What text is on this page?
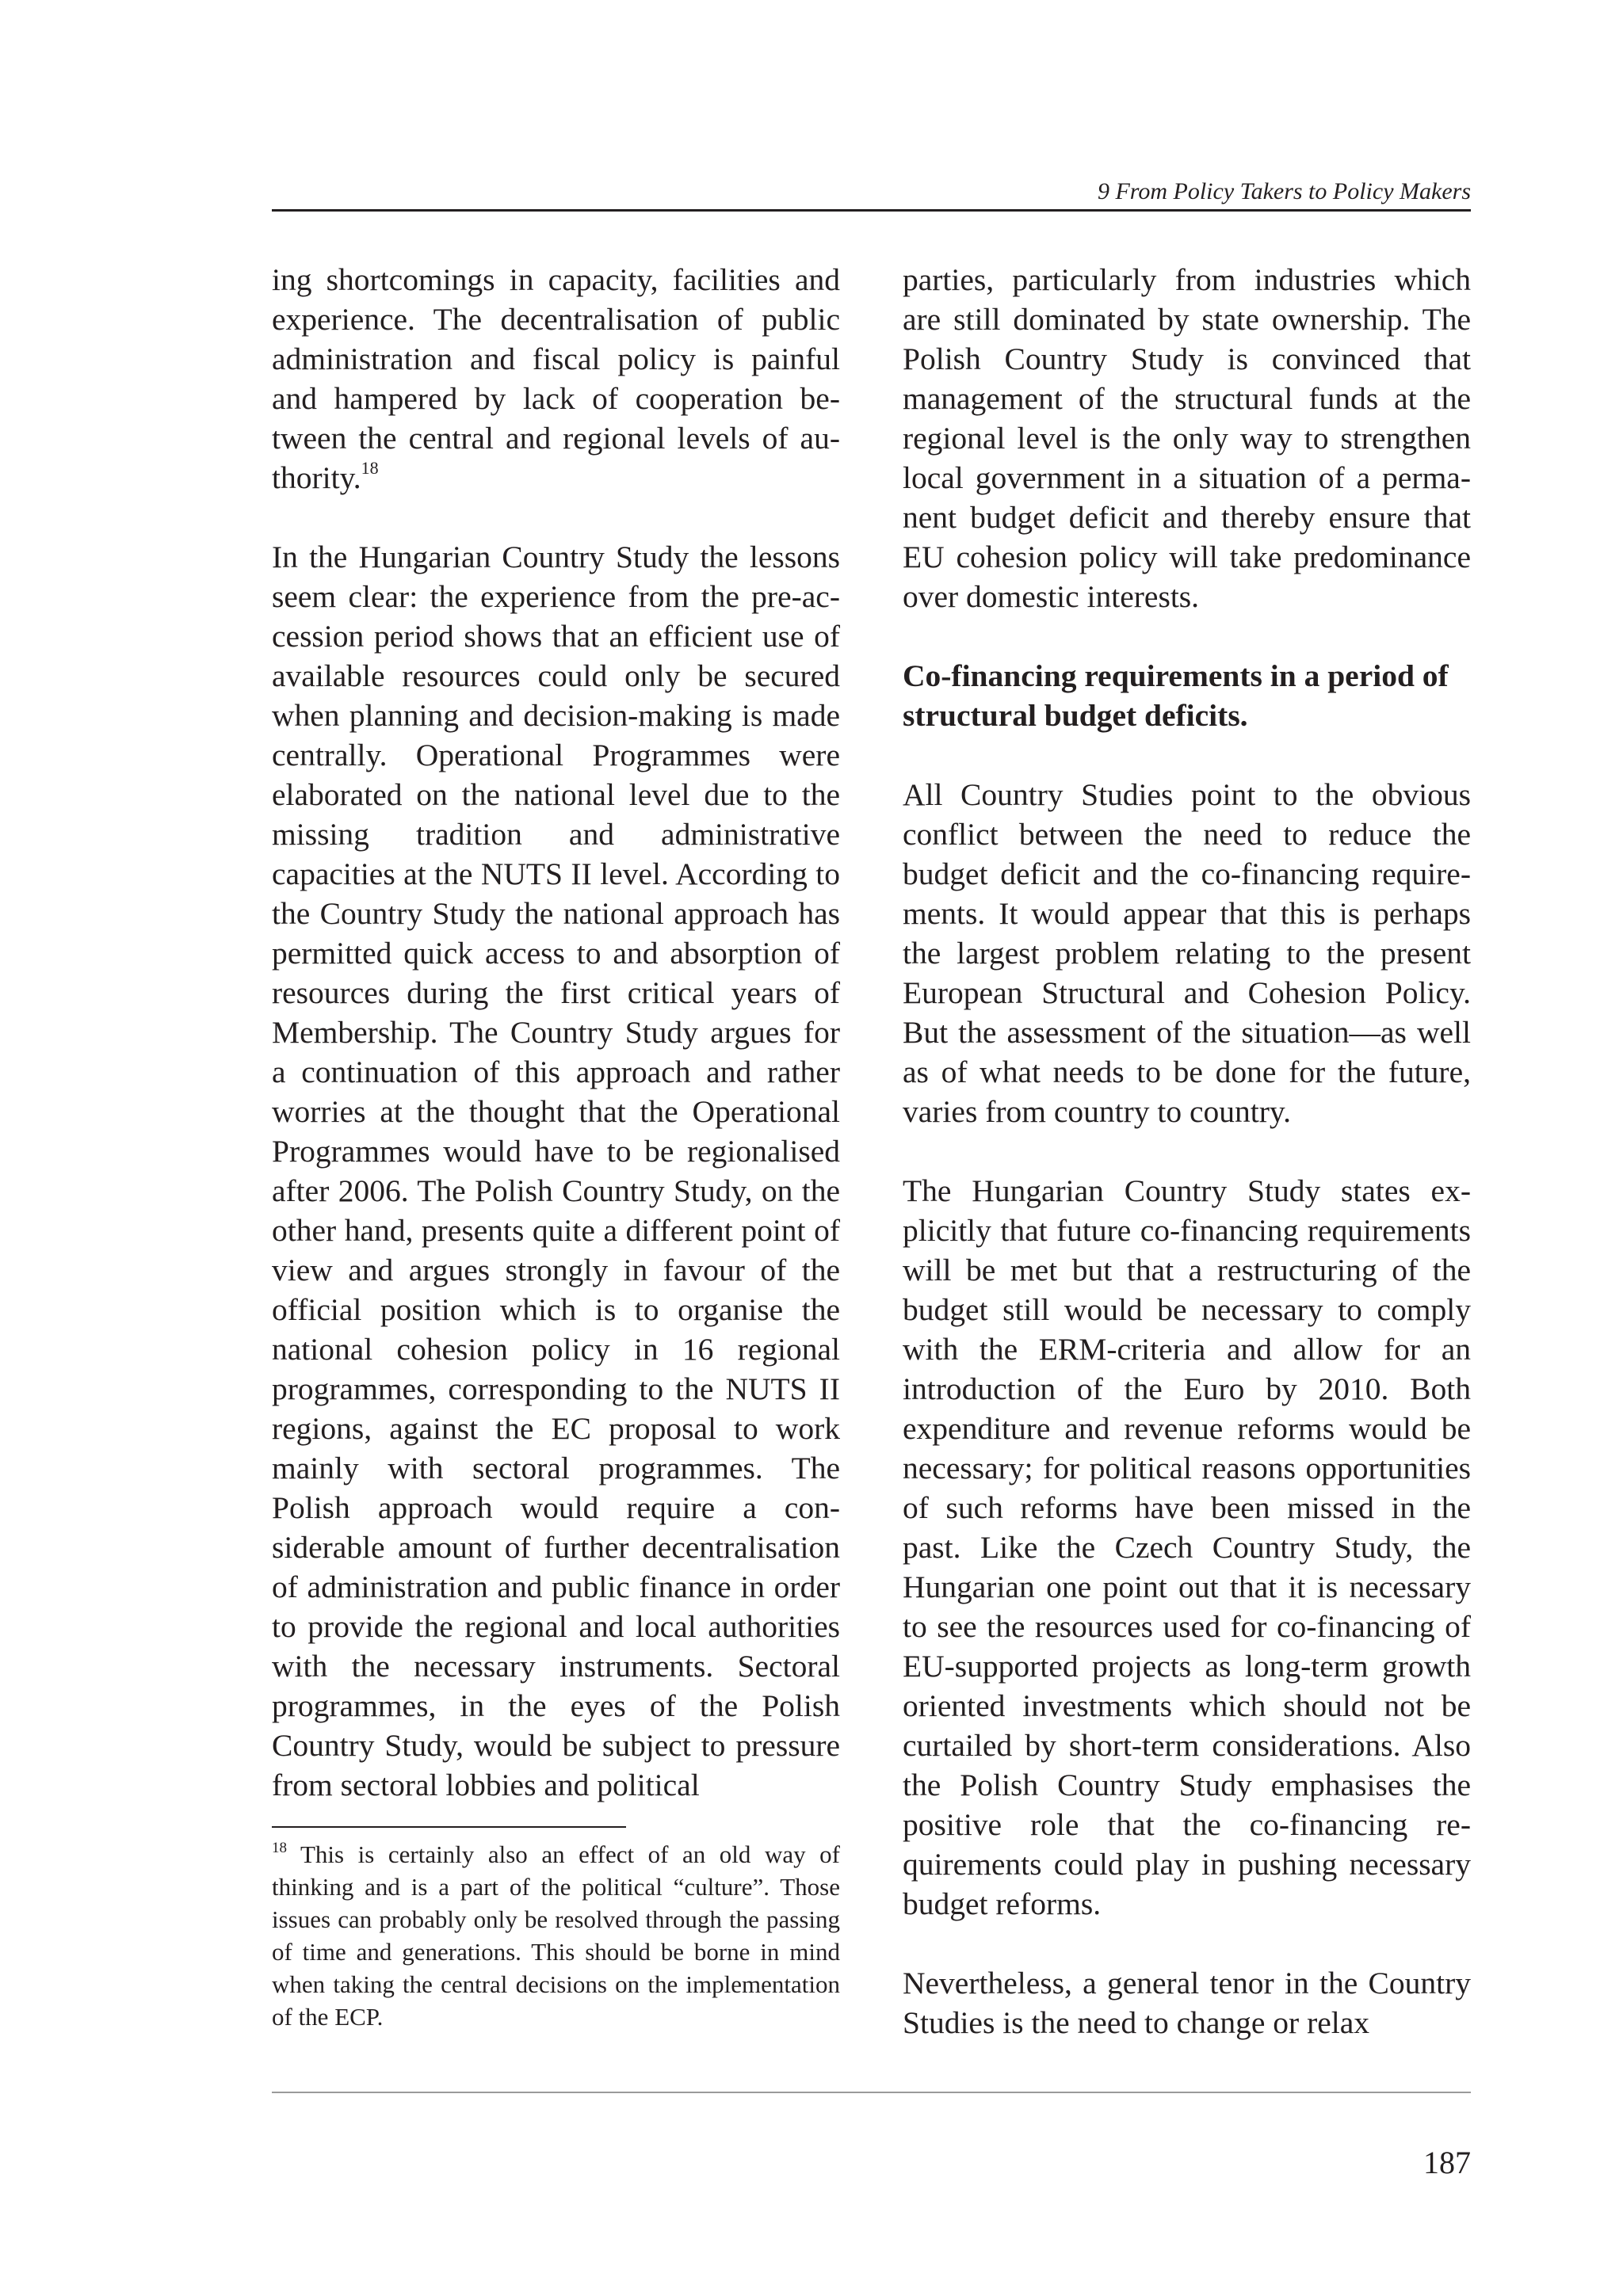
9 From Policy Takers to Policy Makers

ing shortcomings in capacity, facilities and experience. The decentralisation of public administration and fiscal policy is painful and hampered by lack of cooperation between the central and regional levels of authority.$^{18}$

In the Hungarian Country Study the lessons seem clear: the experience from the pre-accession period shows that an efficient use of available resources could only be secured when planning and decision-making is made centrally. Operational Programmes were elaborated on the national level due to the missing tradition and administrative capacities at the NUTS II level. According to the Country Study the national approach has permitted quick access to and absorption of resources during the first critical years of Membership. The Country Study argues for a continuation of this approach and rather worries at the thought that the Operational Programmes would have to be regionalised after 2006. The Polish Country Study, on the other hand, presents quite a different point of view and argues strongly in favour of the official position which is to organise the national cohesion policy in 16 regional programmes, corresponding to the NUTS II regions, against the EC proposal to work mainly with sectoral programmes. The Polish approach would require a considerable amount of further decentralisation of administration and public finance in order to provide the regional and local authorities with the necessary instruments. Sectoral programmes, in the eyes of the Polish Country Study, would be subject to pressure from sectoral lobbies and political

parties, particularly from industries which are still dominated by state ownership. The Polish Country Study is convinced that management of the structural funds at the regional level is the only way to strengthen local government in a situation of a permanent budget deficit and thereby ensure that EU cohesion policy will take predominance over domestic interests.

Co-financing requirements in a period of structural budget deficits.

All Country Studies point to the obvious conflict between the need to reduce the budget deficit and the co-financing requirements. It would appear that this is perhaps the largest problem relating to the present European Structural and Cohesion Policy. But the assessment of the situation—as well as of what needs to be done for the future, varies from country to country.

The Hungarian Country Study states explicitly that future co-financing requirements will be met but that a restructuring of the budget still would be necessary to comply with the ERM-criteria and allow for an introduction of the Euro by 2010. Both expenditure and revenue reforms would be necessary; for political reasons opportunities of such reforms have been missed in the past. Like the Czech Country Study, the Hungarian one point out that it is necessary to see the resources used for co-financing of EU-supported projects as long-term growth oriented investments which should not be curtailed by short-term considerations. Also the Polish Country Study emphasises the positive role that the co-financing requirements could play in pushing necessary budget reforms.

Nevertheless, a general tenor in the Country Studies is the need to change or relax

$^{18}$ This is certainly also an effect of an old way of thinking and is a part of the political “culture”. Those issues can probably only be resolved through the passing of time and generations. This should be borne in mind when taking the central decisions on the implementation of the ECP.
187
